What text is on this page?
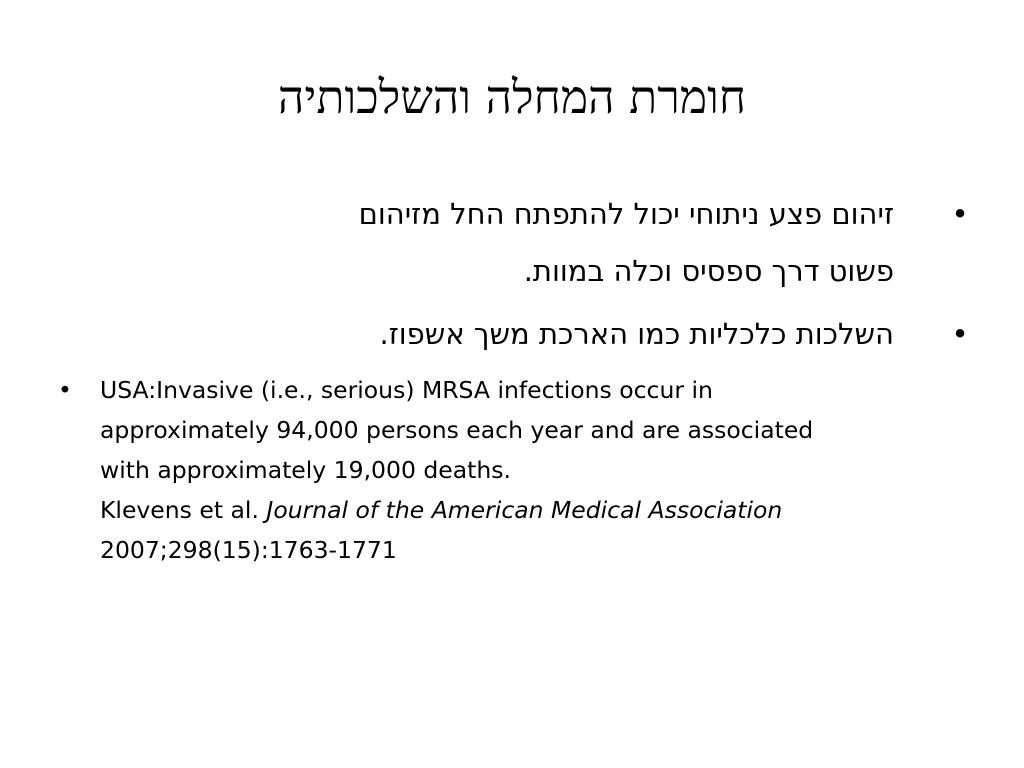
חומרת המחלה והשלכותיה
•
זיהום פצע ניתוחי יכול להתפתח החל מזיהום
פשוט דרך ספסיס וכלה במוות.
•
השלכות כלכליות כמו הארכת משך אשפוז.
• USA:Invasive (i.e., serious) MRSA infections occur in
approximately 94,000 persons each year and are associated
with approximately 19,000 deaths.
Klevens et al. Journal of the American Medical Association
2007;298(15):1763-1771
